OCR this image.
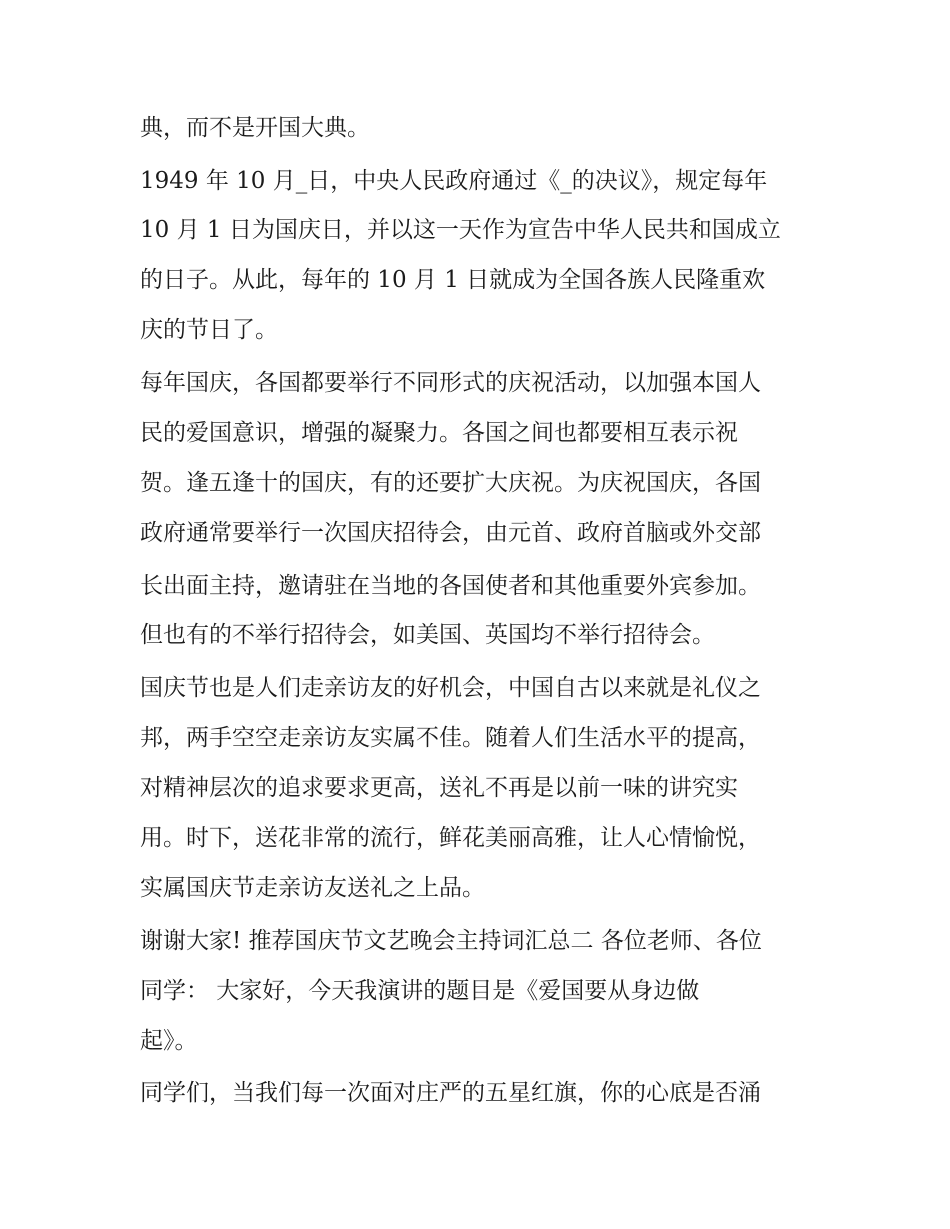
典，而不是开国大典。
1949 年 10 月_日，中央人民政府通过《_的决议》，规定每年
10 月 1 日为国庆日，并以这一天作为宣告中华人民共和国成立
的日子。从此，每年的 10 月 1 日就成为全国各族人民隆重欢
庆的节日了。
每年国庆，各国都要举行不同形式的庆祝活动，以加强本国人
民的爱国意识，增强的凝聚力。各国之间也都要相互表示祝
贺。逢五逢十的国庆，有的还要扩大庆祝。为庆祝国庆，各国
政府通常要举行一次国庆招待会，由元首、政府首脑或外交部
长出面主持，邀请驻在当地的各国使者和其他重要外宾参加。
但也有的不举行招待会，如美国、英国均不举行招待会。
国庆节也是人们走亲访友的好机会，中国自古以来就是礼仪之
邦，两手空空走亲访友实属不佳。随着人们生活水平的提高，
对精神层次的追求要求更高，送礼不再是以前一味的讲究实
用。时下，送花非常的流行，鲜花美丽高雅，让人心情愉悦，
实属国庆节走亲访友送礼之上品。
谢谢大家! 推荐国庆节文艺晚会主持词汇总二 各位老师、各位
同学： 大家好，今天我演讲的题目是《爱国要从身边做
起》。
同学们，当我们每一次面对庄严的五星红旗，你的心底是否涌
